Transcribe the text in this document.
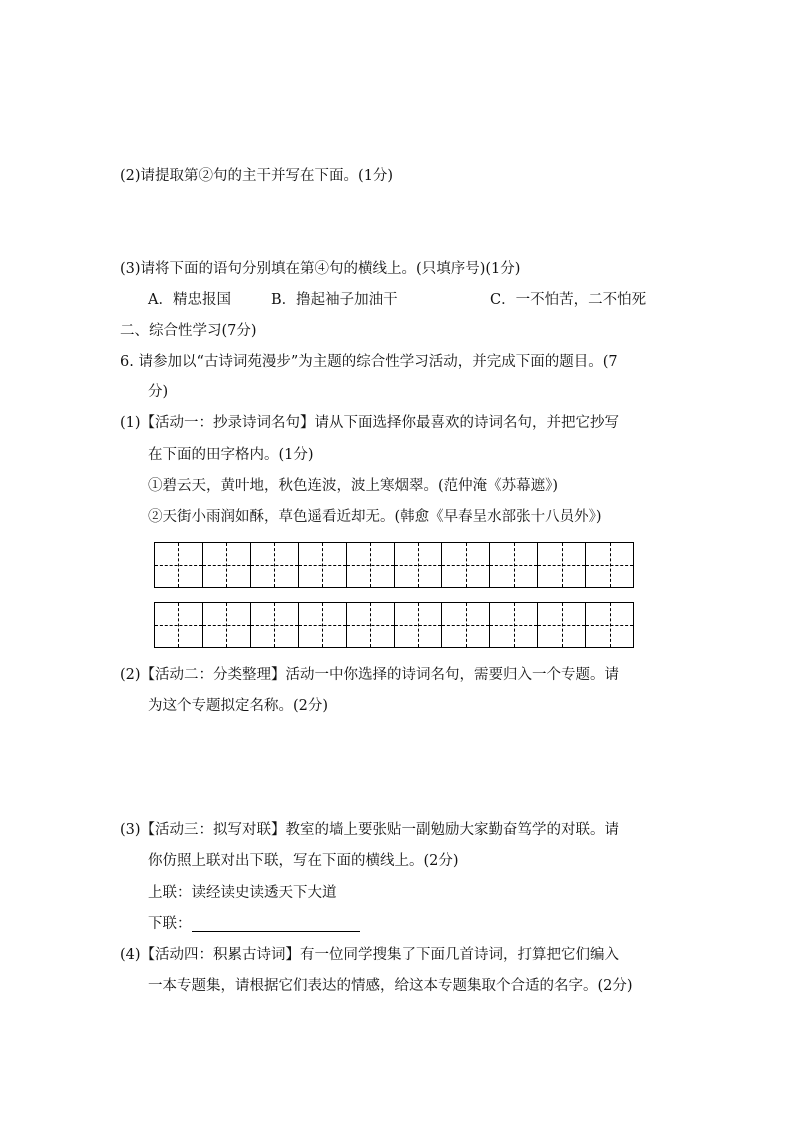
(2)请提取第②句的主干并写在下面。(1分)
(3)请将下面的语句分别填在第④句的横线上。(只填序号)(1分)
A．精忠报国	B．撸起袖子加油干	C．一不怕苦，二不怕死
二、综合性学习(7分)
6. 请参加以“古诗词苑漫步”为主题的综合性学习活动，并完成下面的题目。(7
分)
(1)【活动一：抄录诗词名句】请从下面选择你最喜欢的诗词名句，并把它抄写
在下面的田字格内。(1分)
①碧云天，黄叶地，秋色连波，波上寒烟翠。(范仲淹《苏幕遮》)
②天街小雨润如酥，草色遥看近却无。(韩愈《早春呈水部张十八员外》)
(2)【活动二：分类整理】活动一中你选择的诗词名句，需要归入一个专题。请
为这个专题拟定名称。(2分)
(3)【活动三：拟写对联】教室的墙上要张贴一副勉励大家勤奋笃学的对联。请
你仿照上联对出下联，写在下面的横线上。(2分)
上联：读经读史读透天下大道
下联：
(4)【活动四：积累古诗词】有一位同学搜集了下面几首诗词，打算把它们编入
一本专题集，请根据它们表达的情感，给这本专题集取个合适的名字。(2分)
